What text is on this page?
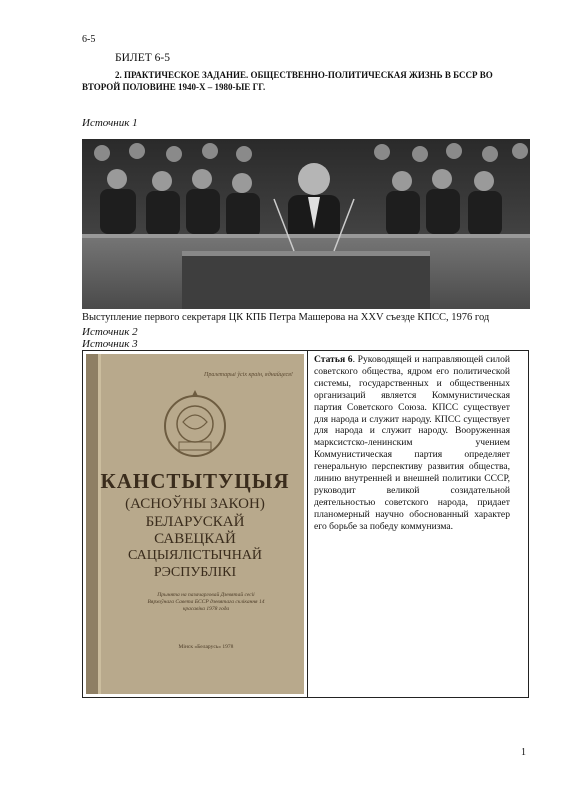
6-5
БИЛЕТ 6-5
2. ПРАКТИЧЕСКОЕ ЗАДАНИЕ. ОБЩЕСТВЕННО-ПОЛИТИЧЕСКАЯ ЖИЗНЬ В БССР ВО ВТОРОЙ ПОЛОВИНЕ 1940-Х – 1980-ЫЕ ГГ.
Источник 1
Выступление первого секретаря ЦК КПБ Петра Машерова на XXV съезде КПСС, 1976 год
Источник 2
Источник 3
Пралетарыі ўсіх краін, яднайцеся!
КАНСТЫТУЦЫЯ
(АСНОЎНЫ ЗАКОН)
БЕЛАРУСКАЙ
САВЕЦКАЙ
САЦЫЯЛІСТЫЧНАЙ
РЭСПУБЛІКІ
Прынята на пазачарговай Дзевятай сесіі Вярхоўнага Савета БССР дзевятага склікання 14 красавіка 1978 года
Мінск «Беларусь» 1978
Статья 6. Руководящей и направляющей силой советского общества, ядром его политической системы, государственных и общественных организаций является Коммунистическая партия Советского Союза. КПСС существует для народа и служит народу. КПСС существует для народа и служит народу. Вооруженная марксистско-ленинским учением Коммунистическая партия определяет генеральную перспективу развития общества, линию внутренней и внешней политики СССР, руководит великой созидательной деятельностью советского народа, придает планомерный научно обоснованный характер его борьбе за победу коммунизма.
1
